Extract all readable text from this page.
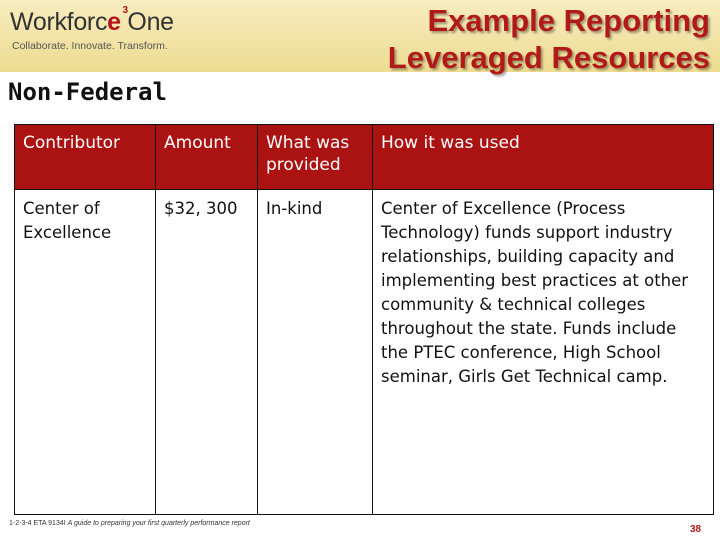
Workforce 3 One
Collaborate. Innovate. Transform.
Example Reporting
Leveraged Resources
Non-Federal
Contributor	Amount	What was provided	How it was used
Center of Excellence	$32, 300	In-kind	Center of Excellence (Process Technology) funds support industry relationships, building capacity and implementing best practices at other community & technical colleges throughout the state. Funds include the PTEC conference, High School seminar, Girls Get Technical camp.
1-2-3-4 ETA 9134I A guide to preparing your first quarterly performance report
38
